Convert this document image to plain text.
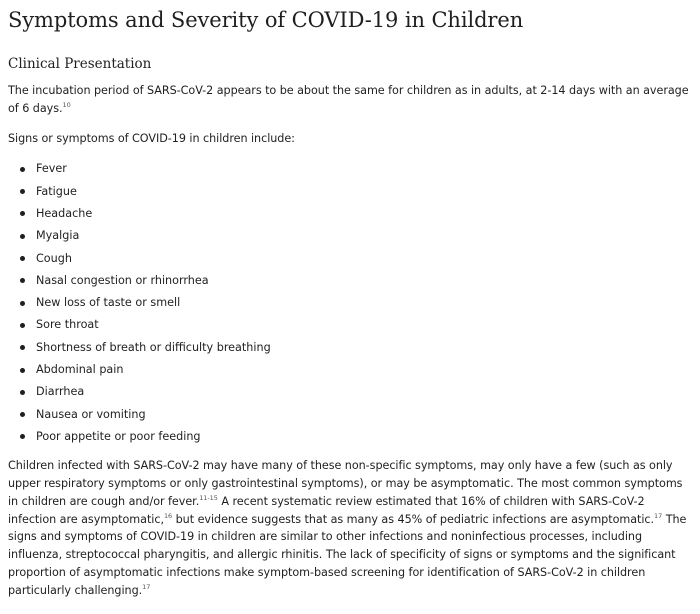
Symptoms and Severity of COVID-19 in Children
Clinical Presentation

The incubation period of SARS-CoV-2 appears to be about the same for children as in adults, at 2-14 days with an average of 6 days.$^{10}$

Signs or symptoms of COVID-19 in children include:

Fever
Fatigue
Headache
Myalgia
Cough
Nasal congestion or rhinorrhea
New loss of taste or smell
Sore throat
Shortness of breath or difficulty breathing
Abdominal pain
Diarrhea
Nausea or vomiting
Poor appetite or poor feeding

Children infected with SARS-CoV-2 may have many of these non-specific symptoms, may only have a few (such as only upper respiratory symptoms or only gastrointestinal symptoms), or may be asymptomatic. The most common symptoms in children are cough and/or fever.$^{11-15}$ A recent systematic review estimated that 16% of children with SARS-CoV-2 infection are asymptomatic,$^{16}$ but evidence suggests that as many as 45% of pediatric infections are asymptomatic.$^{17}$ The signs and symptoms of COVID-19 in children are similar to other infections and noninfectious processes, including influenza, streptococcal pharyngitis, and allergic rhinitis. The lack of specificity of signs or symptoms and the significant proportion of asymptomatic infections make symptom-based screening for identification of SARS-CoV-2 in children particularly challenging.$^{17}$
